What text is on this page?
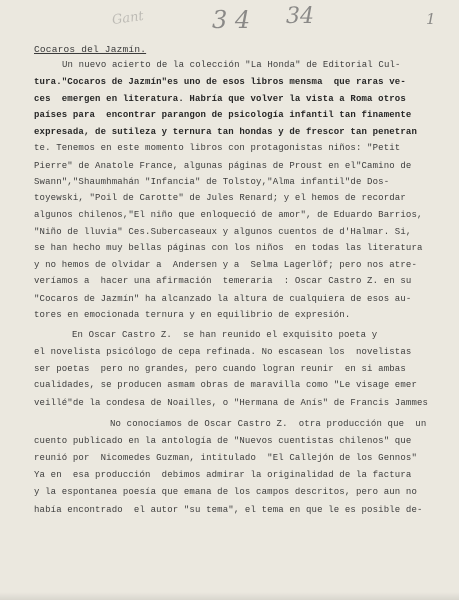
Gant	3 4 34	1
Cocaros del Jazmín.
Un nuevo acierto de la colección "La Honda" de Editorial Cul-
tura."Cocaros de Jazmín"es uno de esos libros mensma  que raras ve-
ces  emergen en literatura. Habría que volver la vista a Roma otros
países para  encontrar parangon de psicología infantil tan finamente
expresada, de sutileza y ternura tan hondas y de frescor tan penetran
te. Tenemos en este momento libros con protagonistas niños: "Petit
Pierre" de Anatole France, algunas páginas de Proust en el"Camino de
Swann","Shaumhmahán "Infancia" de Tolstoy,"Alma infantil"de Dos-
toyewski, "Poil de Carotte" de Jules Renard; y el hemos de recordar
algunos chilenos,"El niño que enloqueció de amor", de Eduardo Barrios,
"Niño de lluvia" Ces.Subercaseaux y algunos cuentos de d'Halmar. Si,
se han hecho muy bellas páginas con los niños  en todas las literatura
y no hemos de olvidar a  Andersen y a  Selma Lagerlöf; pero nos atre-
veríamos a  hacer una afirmación  temeraria  : Oscar Castro Z. en su
"Cocaros de Jazmín" ha alcanzado la altura de cualquiera de esos au-
tores en emocionada ternura y en equilibrio de expresión.
En Oscar Castro Z.  se han reunido el exquisito poeta y
el novelista psicólogo de cepa refinada. No escasean los  novelistas
ser poetas  pero no grandes, pero cuando logran reunir  en si ambas
cualidades, se producen asmam obras de maravilla como "Le visage emer
veillé"de la condesa de Noailles, o "Hermana de Anís" de Francis Jammes
No conocíamos de Oscar Castro Z.  otra producción que  un
cuento publicado en la antología de "Nuevos cuentistas chilenos" que
reunió por  Nicomedes Guzman, intitulado  "El Callejón de los Gennos"
Ya en  esa producción  debimos admirar la originalidad de la factura
y la espontanea poesía que emana de los campos descritos, pero aun no
había encontrado  el autor "su tema", el tema en que le es posible de-
